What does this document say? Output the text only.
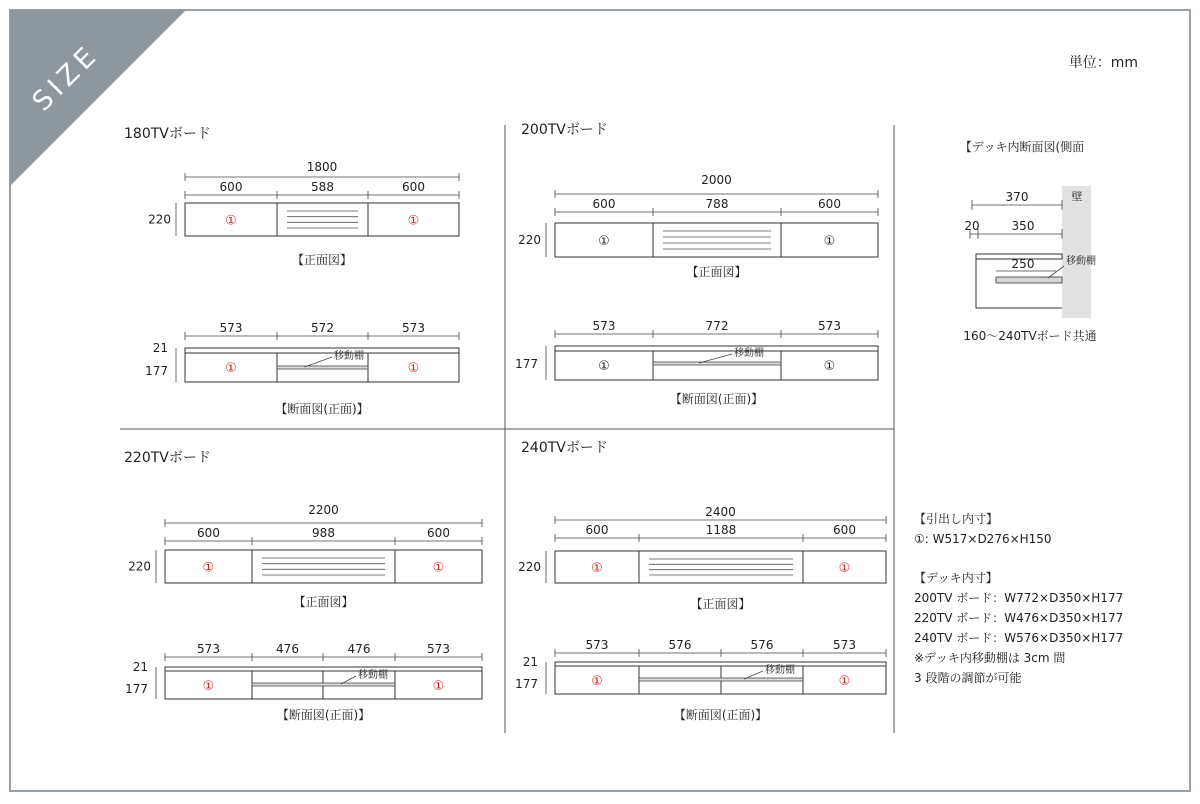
SIZE	単位：mm
180TVボード
1800
600	588	600
①	①
220
【正面図】
573	572	573
①	①
移動棚
21
177
【断面図(正面)】
200TVボード
2000
600	788	600
①	①
220
【正面図】
573	772	573
①	①
移動棚
177
【断面図(正面)】
220TVボード
2200
600	988	600
①	①
220
【正面図】
573	476	476	573
①	①
移動棚
21
177
【断面図(正面)】
240TVボード
2400
600	1188	600
①	①
220
【正面図】
573	576	576	573
①	①
移動棚
21
177
【断面図(正面)】
【デッキ内断面図(側面
壁
370
20	350
250	移動棚
160〜240TVボード共通
【引出し内寸】
①: W517×D276×H150
【デッキ内寸】
200TV ボード：W772×D350×H177
220TV ボード：W476×D350×H177
240TV ボード：W576×D350×H177
※デッキ内移動棚は 3cm 間
3 段階の調節が可能
